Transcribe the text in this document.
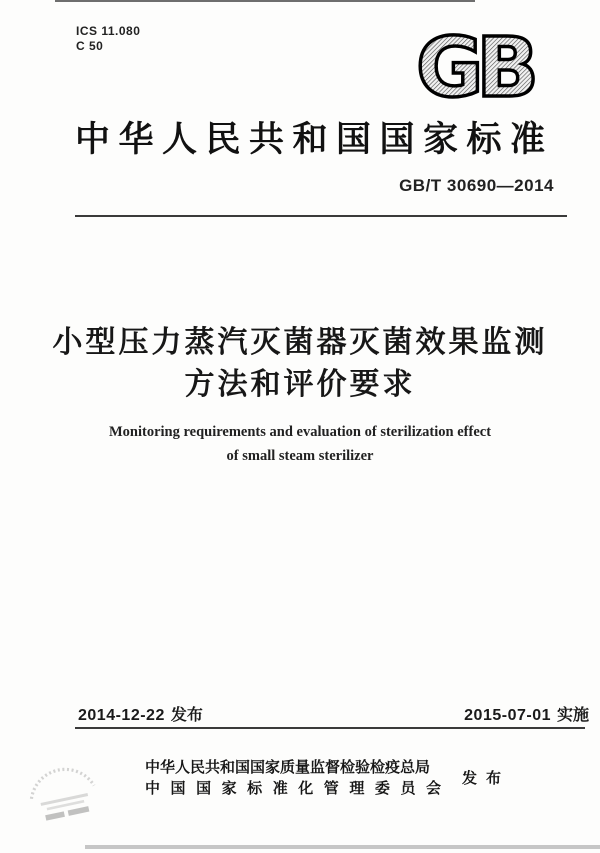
ICS 11.080
C 50	GB
中华人民共和国国家标准
GB/T 30690—2014
小型压力蒸汽灭菌器灭菌效果监测
方法和评价要求
Monitoring requirements and evaluation of sterilization effect
of small steam sterilizer
2014-12-22 发布	2015-07-01 实施
中华人民共和国国家质量监督检验检疫总局
中国国家标准化管理委员会
发布
